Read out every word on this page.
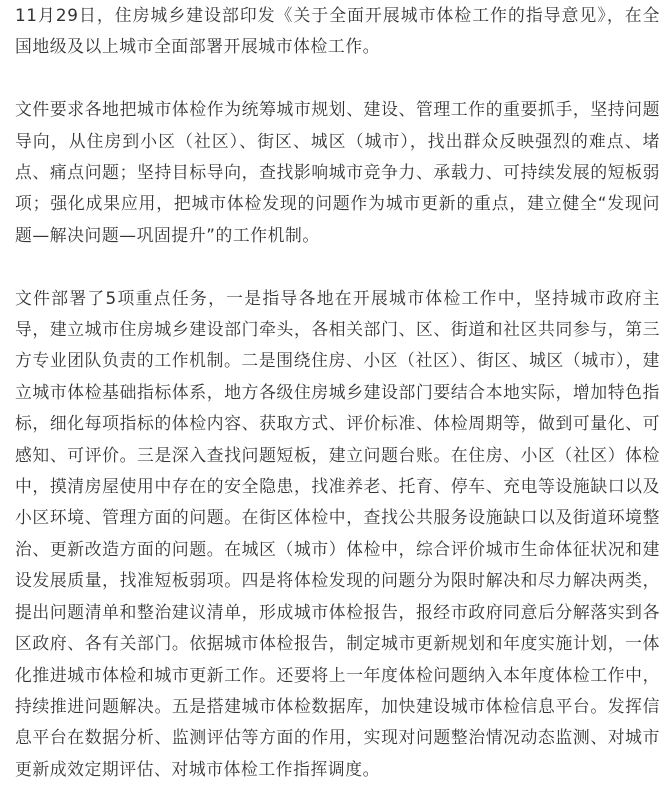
11月29日，住房城乡建设部印发《关于全面开展城市体检工作的指导意见》，在全国地级及以上城市全面部署开展城市体检工作。

文件要求各地把城市体检作为统筹城市规划、建设、管理工作的重要抓手，坚持问题导向，从住房到小区（社区）、街区、城区（城市），找出群众反映强烈的难点、堵点、痛点问题；坚持目标导向，查找影响城市竞争力、承载力、可持续发展的短板弱项；强化成果应用，把城市体检发现的问题作为城市更新的重点，建立健全“发现问题—解决问题—巩固提升”的工作机制。

文件部署了5项重点任务，一是指导各地在开展城市体检工作中，坚持城市政府主导，建立城市住房城乡建设部门牵头，各相关部门、区、街道和社区共同参与，第三方专业团队负责的工作机制。二是围绕住房、小区（社区）、街区、城区（城市），建立城市体检基础指标体系，地方各级住房城乡建设部门要结合本地实际，增加特色指标，细化每项指标的体检内容、获取方式、评价标准、体检周期等，做到可量化、可感知、可评价。三是深入查找问题短板，建立问题台账。在住房、小区（社区）体检中，摸清房屋使用中存在的安全隐患，找准养老、托育、停车、充电等设施缺口以及小区环境、管理方面的问题。在街区体检中，查找公共服务设施缺口以及街道环境整治、更新改造方面的问题。在城区（城市）体检中，综合评价城市生命体征状况和建设发展质量，找准短板弱项。四是将体检发现的问题分为限时解决和尽力解决两类，提出问题清单和整治建议清单，形成城市体检报告，报经市政府同意后分解落实到各区政府、各有关部门。依据城市体检报告，制定城市更新规划和年度实施计划，一体化推进城市体检和城市更新工作。还要将上一年度体检问题纳入本年度体检工作中，持续推进问题解决。五是搭建城市体检数据库，加快建设城市体检信息平台。发挥信息平台在数据分析、监测评估等方面的作用，实现对问题整治情况动态监测、对城市更新成效定期评估、对城市体检工作指挥调度。
